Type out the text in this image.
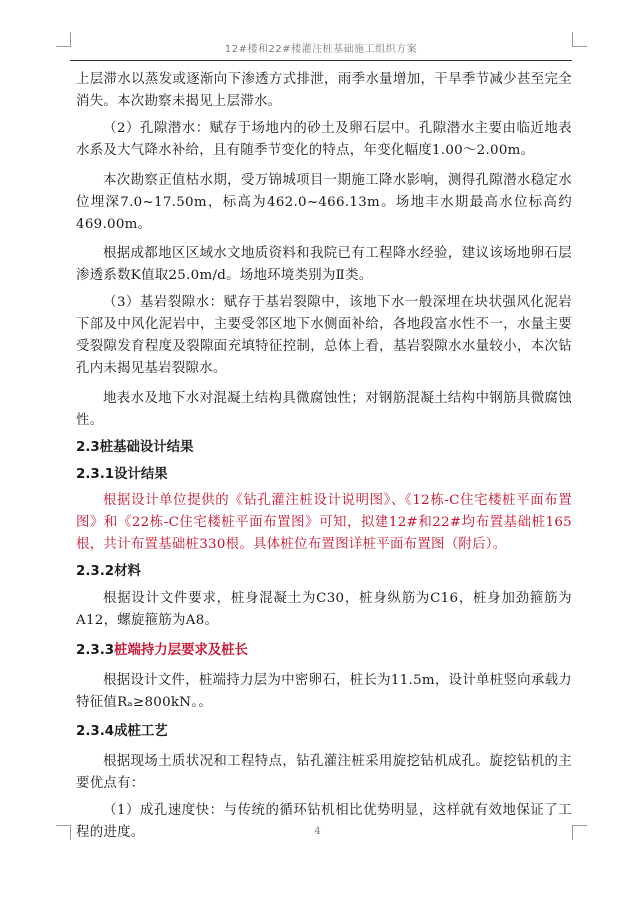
12#楼和22#楼灌注桩基础施工组织方案

上层滞水以蒸发或逐渐向下渗透方式排泄，雨季水量增加，干旱季节减少甚至完全消失。本次勘察未揭见上层滞水。

（2）孔隙潜水：赋存于场地内的砂土及卵石层中。孔隙潜水主要由临近地表水系及大气降水补给，且有随季节变化的特点，年变化幅度1.00～2.00m。

本次勘察正值枯水期，受万锦城项目一期施工降水影响，测得孔隙潜水稳定水位埋深7.0~17.50m，标高为462.0~466.13m。场地丰水期最高水位标高约469.00m。

根据成都地区区域水文地质资料和我院已有工程降水经验，建议该场地卵石层渗透系数K值取25.0m/d。场地环境类别为Ⅱ类。

（3）基岩裂隙水：赋存于基岩裂隙中，该地下水一般深埋在块状强风化泥岩下部及中风化泥岩中，主要受邻区地下水侧面补给，各地段富水性不一，水量主要受裂隙发育程度及裂隙面充填特征控制，总体上看，基岩裂隙水水量较小，本次钻孔内未揭见基岩裂隙水。

地表水及地下水对混凝土结构具微腐蚀性；对钢筋混凝土结构中钢筋具微腐蚀性。

2.3桩基础设计结果
2.3.1设计结果

根据设计单位提供的《钻孔灌注桩设计说明图》、《12栋-C住宅楼桩平面布置图》和《22栋-C住宅楼桩平面布置图》可知，拟建12#和22#均布置基础桩165根，共计布置基础桩330根。具体桩位布置图详桩平面布置图（附后）。

2.3.2材料

根据设计文件要求，桩身混凝土为C30，桩身纵筋为C16，桩身加劲箍筋为A12，螺旋箍筋为A8。

2.3.3桩端持力层要求及桩长

根据设计文件，桩端持力层为中密卵石，桩长为11.5m，设计单桩竖向承载力特征值Rₐ≥800kN。。

2.3.4成桩工艺

根据现场土质状况和工程特点，钻孔灌注桩采用旋挖钻机成孔。旋挖钻机的主要优点有：

（1）成孔速度快：与传统的循环钻机相比优势明显，这样就有效地保证了工程的进度。	4
